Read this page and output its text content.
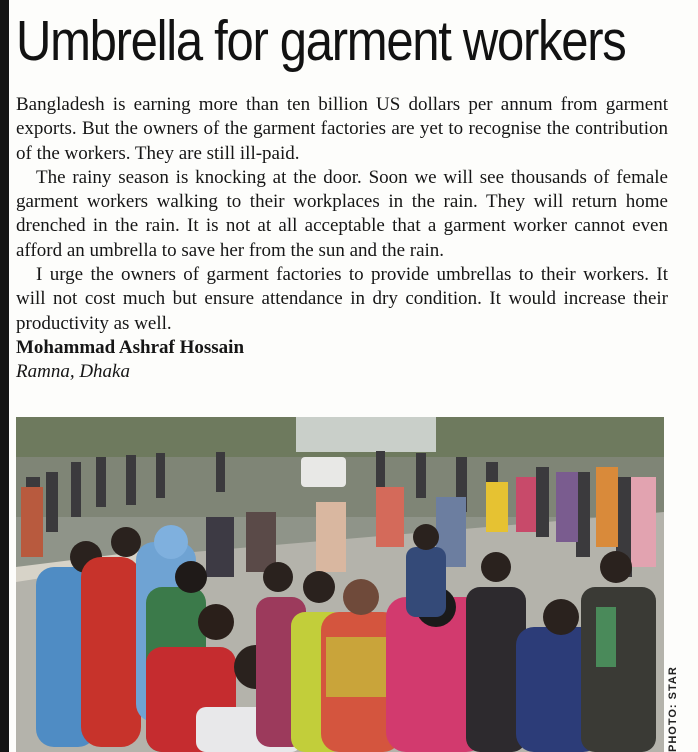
Umbrella for garment workers

Bangladesh is earning more than ten billion US dollars per annum from garment exports. But the owners of the garment factories are yet to recognise the contribution of the workers. They are still ill-paid.

The rainy season is knocking at the door. Soon we will see thousands of female garment workers walking to their workplaces in the rain. They will return home drenched in the rain. It is not at all acceptable that a garment worker cannot even afford an umbrella to save her from the sun and the rain.

I urge the owners of garment factories to provide umbrellas to their workers. It will not cost much but ensure attendance in dry condition. It would increase their productivity as well.

Mohammad Ashraf Hossain
Ramna, Dhaka
PHOTO: STAR
